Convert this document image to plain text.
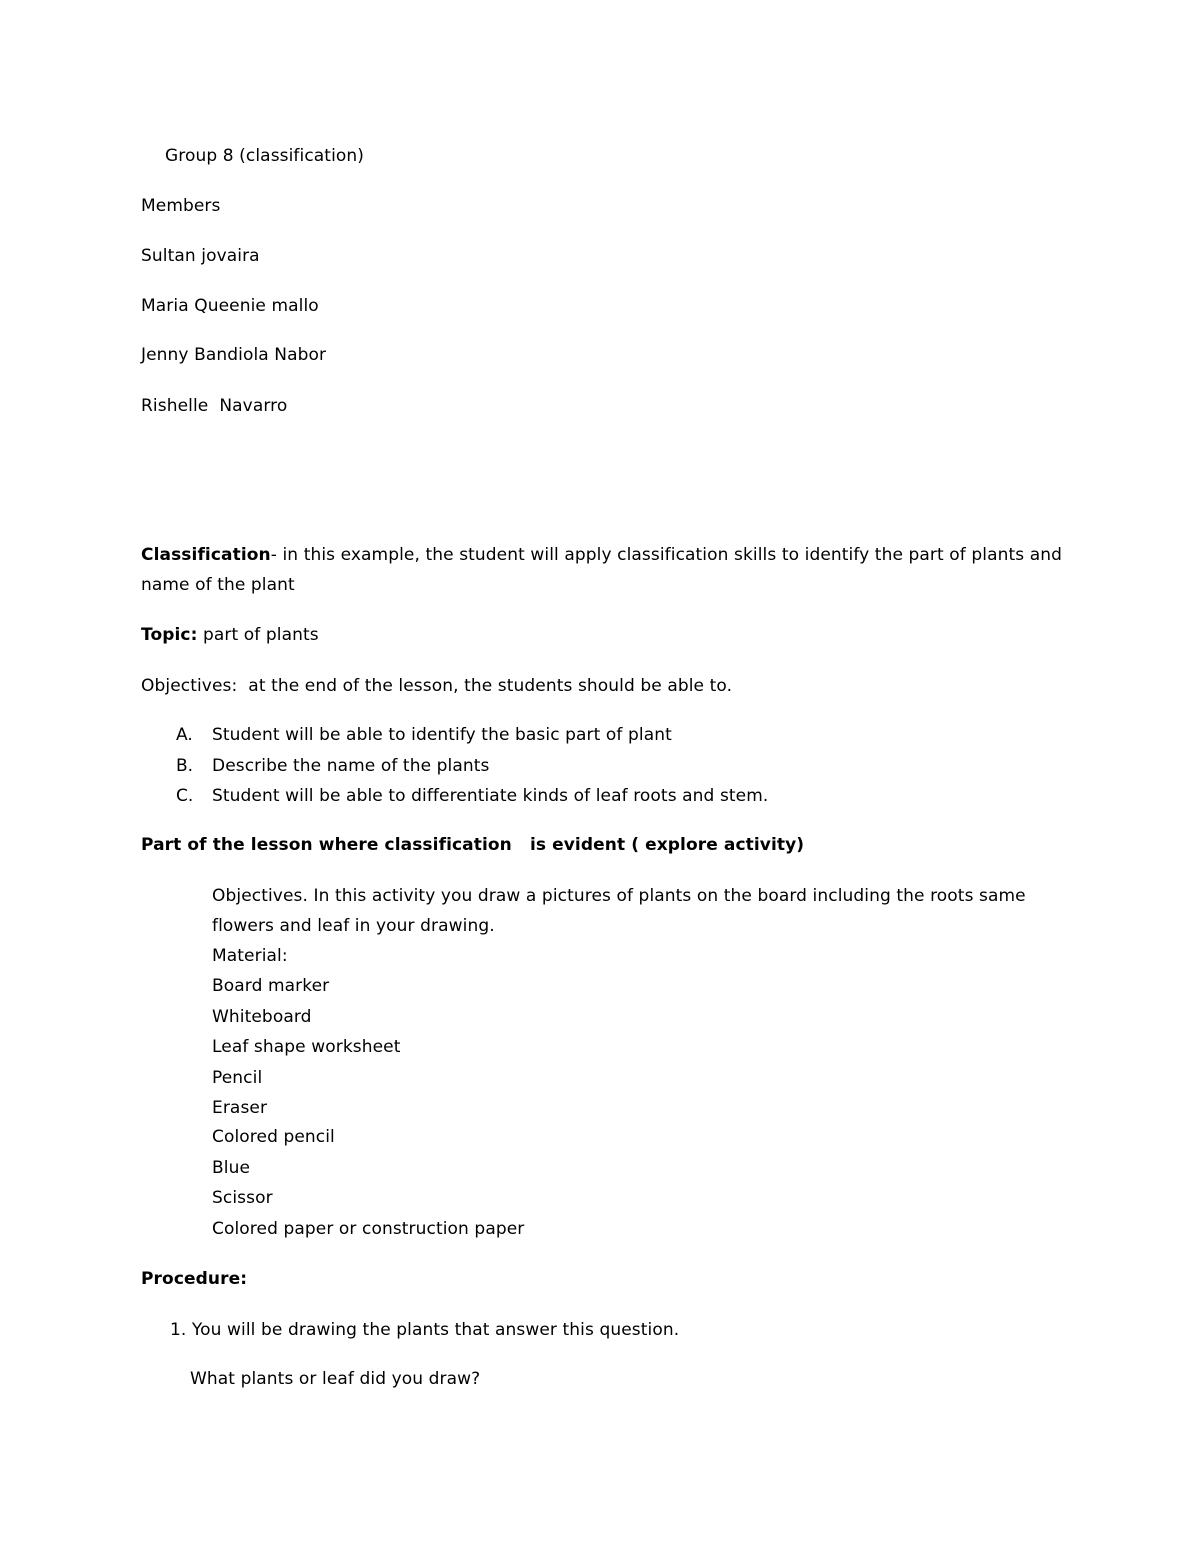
Group 8 (classification)
Members
Sultan jovaira
Maria Queenie mallo
Jenny Bandiola Nabor
Rishelle  Navarro
Classification- in this example, the student will apply classification skills to identify the part of plants and
name of the plant
Topic: part of plants
Objectives:  at the end of the lesson, the students should be able to.
A. Student will be able to identify the basic part of plant
B. Describe the name of the plants
C. Student will be able to differentiate kinds of leaf roots and stem.
Part of the lesson where classification   is evident ( explore activity)
Objectives. In this activity you draw a pictures of plants on the board including the roots same
flowers and leaf in your drawing.
Material:
Board marker
Whiteboard
Leaf shape worksheet
Pencil
Eraser
Colored pencil
Blue
Scissor
Colored paper or construction paper
Procedure:
1. You will be drawing the plants that answer this question.
What plants or leaf did you draw?
